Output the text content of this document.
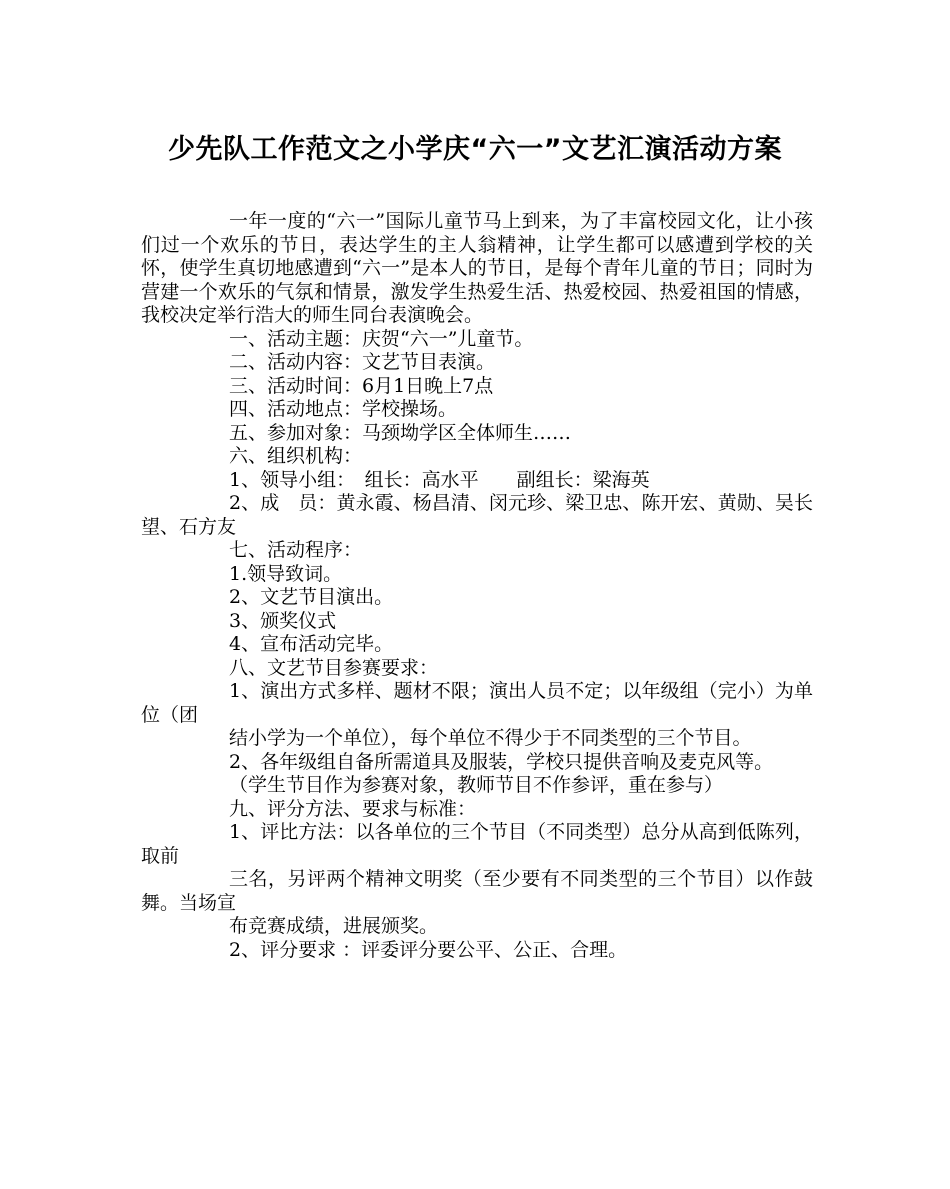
少先队工作范文之小学庆“六一”文艺汇演活动方案

一年一度的“六一”国际儿童节马上到来，为了丰富校园文化，让小孩们过一个欢乐的节日，表达学生的主人翁精神，让学生都可以感遭到学校的关怀，使学生真切地感遭到“六一”是本人的节日，是每个青年儿童的节日；同时为营建一个欢乐的气氛和情景，激发学生热爱生活、热爱校园、热爱祖国的情感，我校决定举行浩大的师生同台表演晚会。

一、活动主题：庆贺“六一”儿童节。

二、活动内容：文艺节目表演。

三、活动时间：6月1日晚上7点

四、活动地点：学校操场。

五、参加对象：马颈坳学区全体师生……

六、组织机构：

1、领导小组：　组长：高水平　　副组长：梁海英

2、成　员：黄永霞、杨昌清、闵元珍、梁卫忠、陈开宏、黄勋、吴长望、石方友

七、活动程序：

1.领导致词。

2、文艺节目演出。

3、颁奖仪式

4、宣布活动完毕。

八、文艺节目参赛要求：

1、演出方式多样、题材不限；演出人员不定；以年级组（完小）为单位（团

结小学为一个单位），每个单位不得少于不同类型的三个节目。

2、各年级组自备所需道具及服装，学校只提供音响及麦克风等。

（学生节目作为参赛对象，教师节目不作参评，重在参与）

九、评分方法、要求与标准：

1、评比方法：以各单位的三个节目（不同类型）总分从高到低陈列，取前

三名，另评两个精神文明奖（至少要有不同类型的三个节目）以作鼓舞。当场宣

布竞赛成绩，进展颁奖。

2、评分要求 ：评委评分要公平、公正、合理。
